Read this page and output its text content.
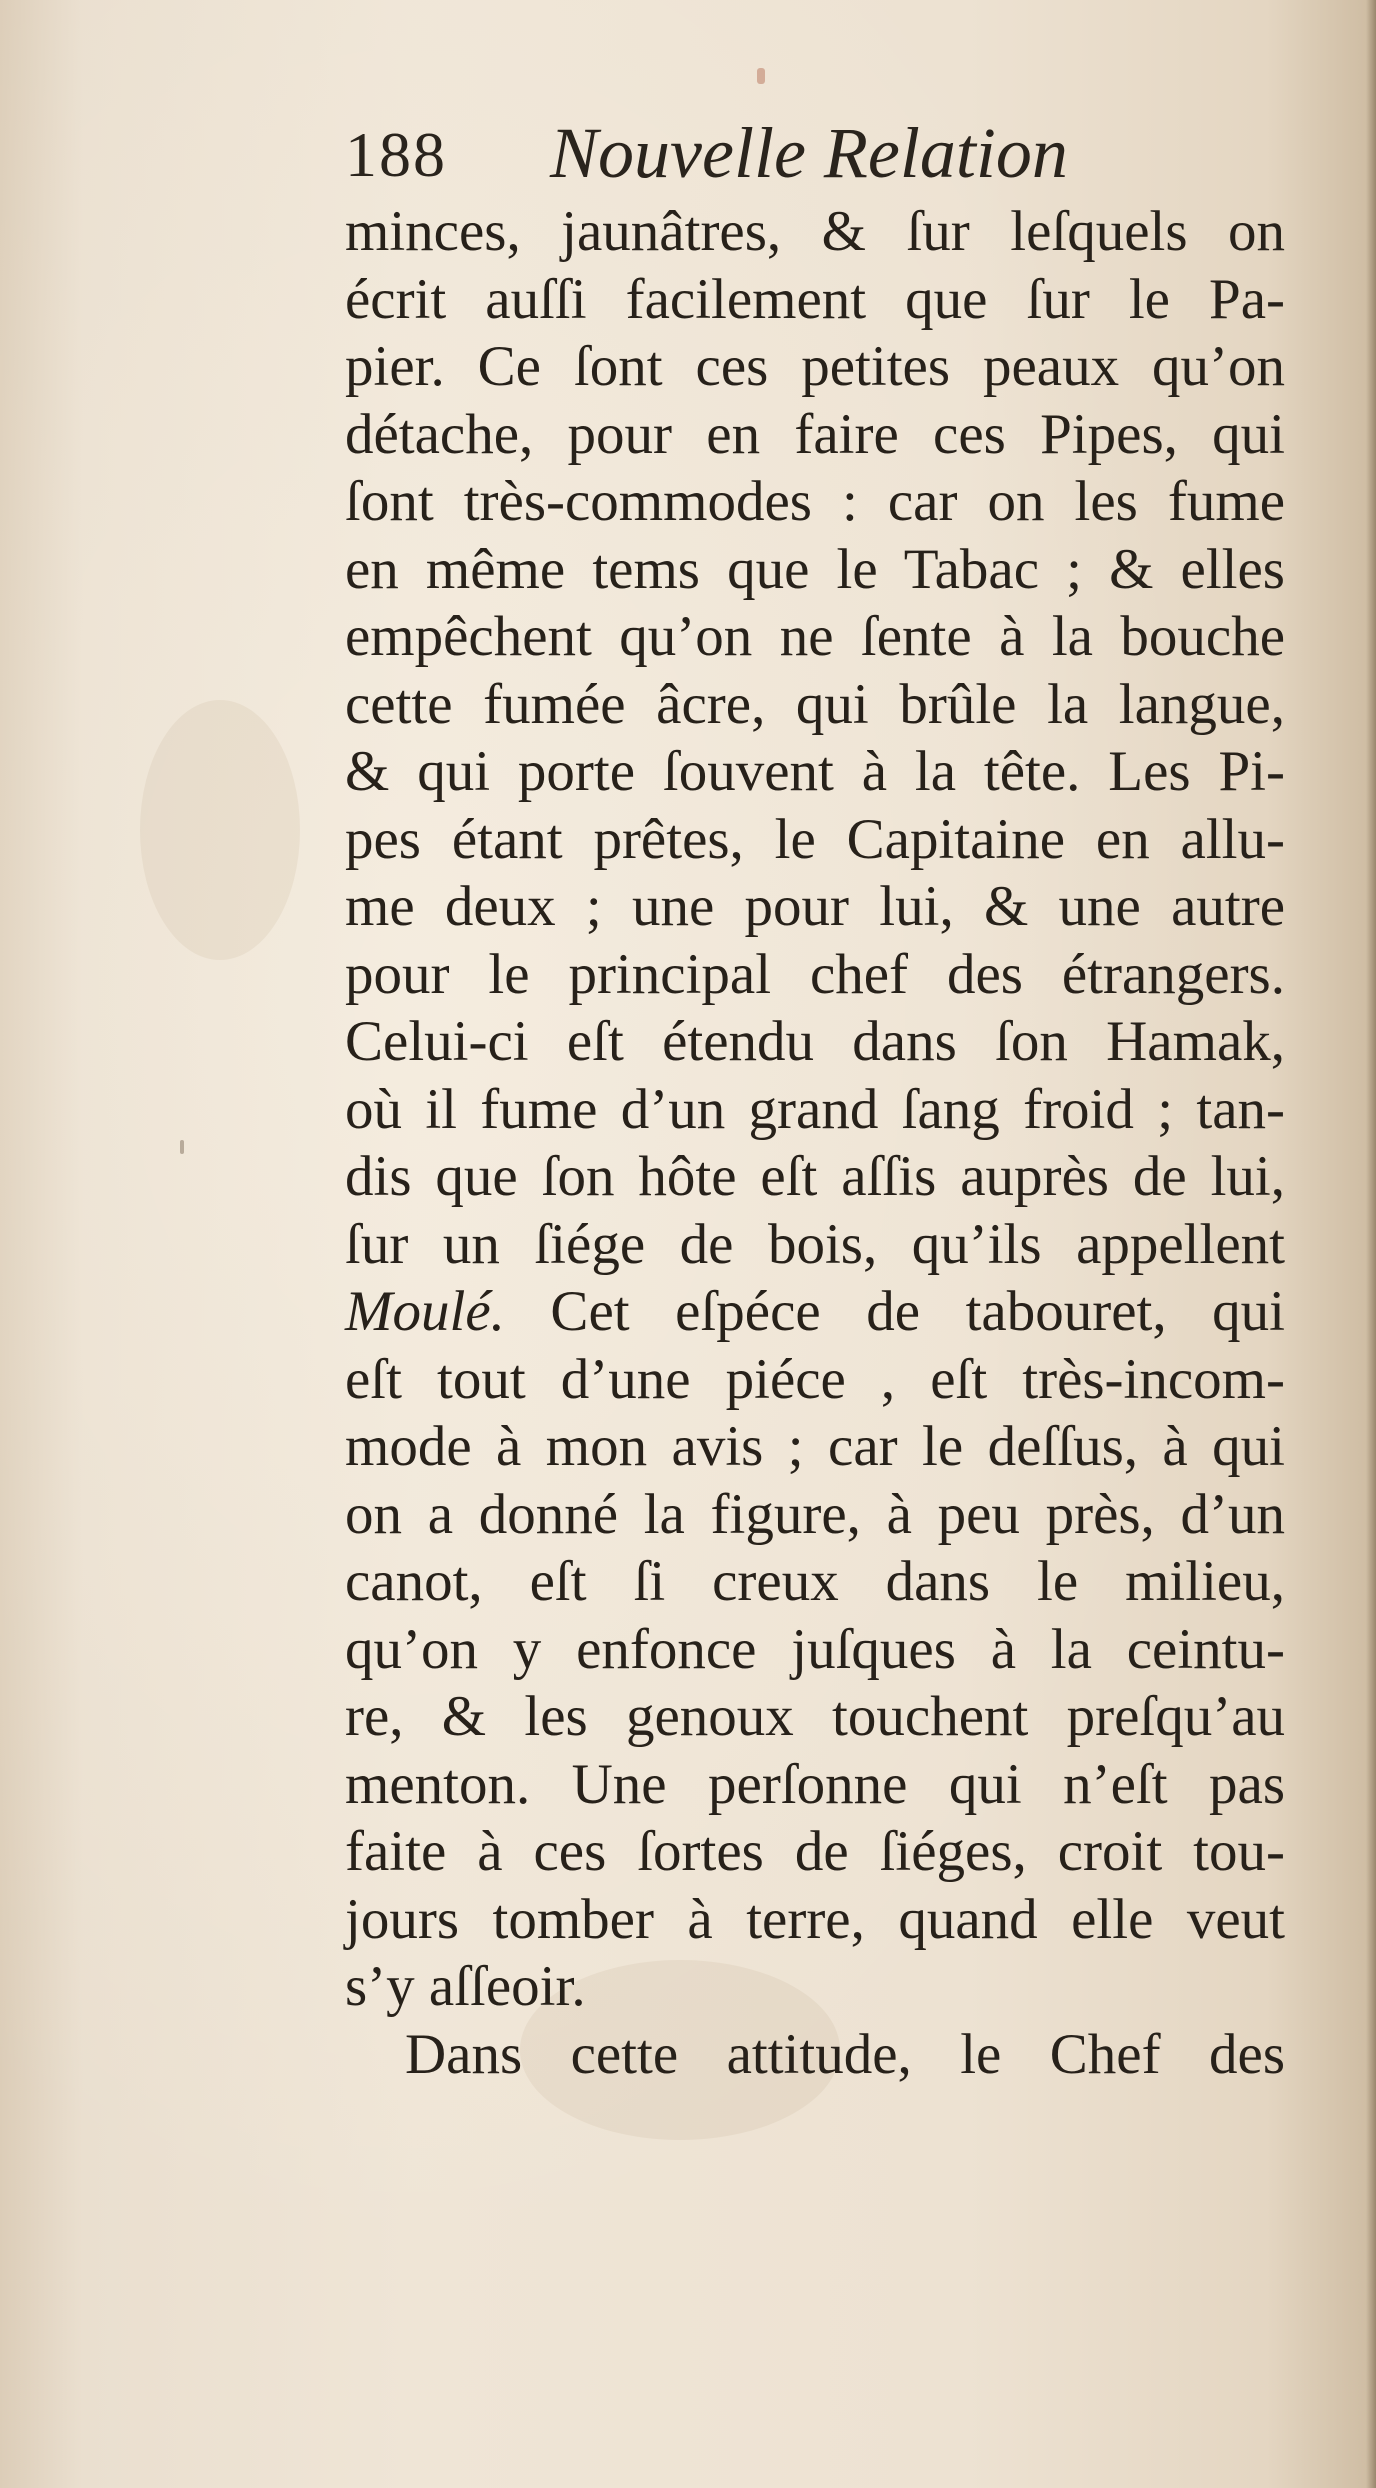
188 Nouvelle Relation
minces, jaunâtres, & ſur leſquels on
écrit auſſi facilement que ſur le Pa-
pier. Ce ſont ces petites peaux qu’on
détache, pour en faire ces Pipes, qui
ſont très-commodes : car on les fume
en même tems que le Tabac ; & elles
empêchent qu’on ne ſente à la bouche
cette fumée âcre, qui brûle la langue,
& qui porte ſouvent à la tête. Les Pi-
pes étant prêtes, le Capitaine en allu-
me deux ; une pour lui, & une autre
pour le principal chef des étrangers.
Celui-ci eſt étendu dans ſon Hamak,
où il fume d’un grand ſang froid ; tan-
dis que ſon hôte eſt aſſis auprès de lui,
ſur un ſiége de bois, qu’ils appellent
Moulé. Cet eſpéce de tabouret, qui
eſt tout d’une piéce , eſt très-incom-
mode à mon avis ; car le deſſus, à qui
on a donné la figure, à peu près, d’un
canot, eſt ſi creux dans le milieu,
qu’on y enfonce juſques à la ceintu-
re, & les genoux touchent preſqu’au
menton. Une perſonne qui n’eſt pas
faite à ces ſortes de ſiéges, croit tou-
jours tomber à terre, quand elle veut
s’y aſſeoir.
Dans cette attitude, le Chef des
